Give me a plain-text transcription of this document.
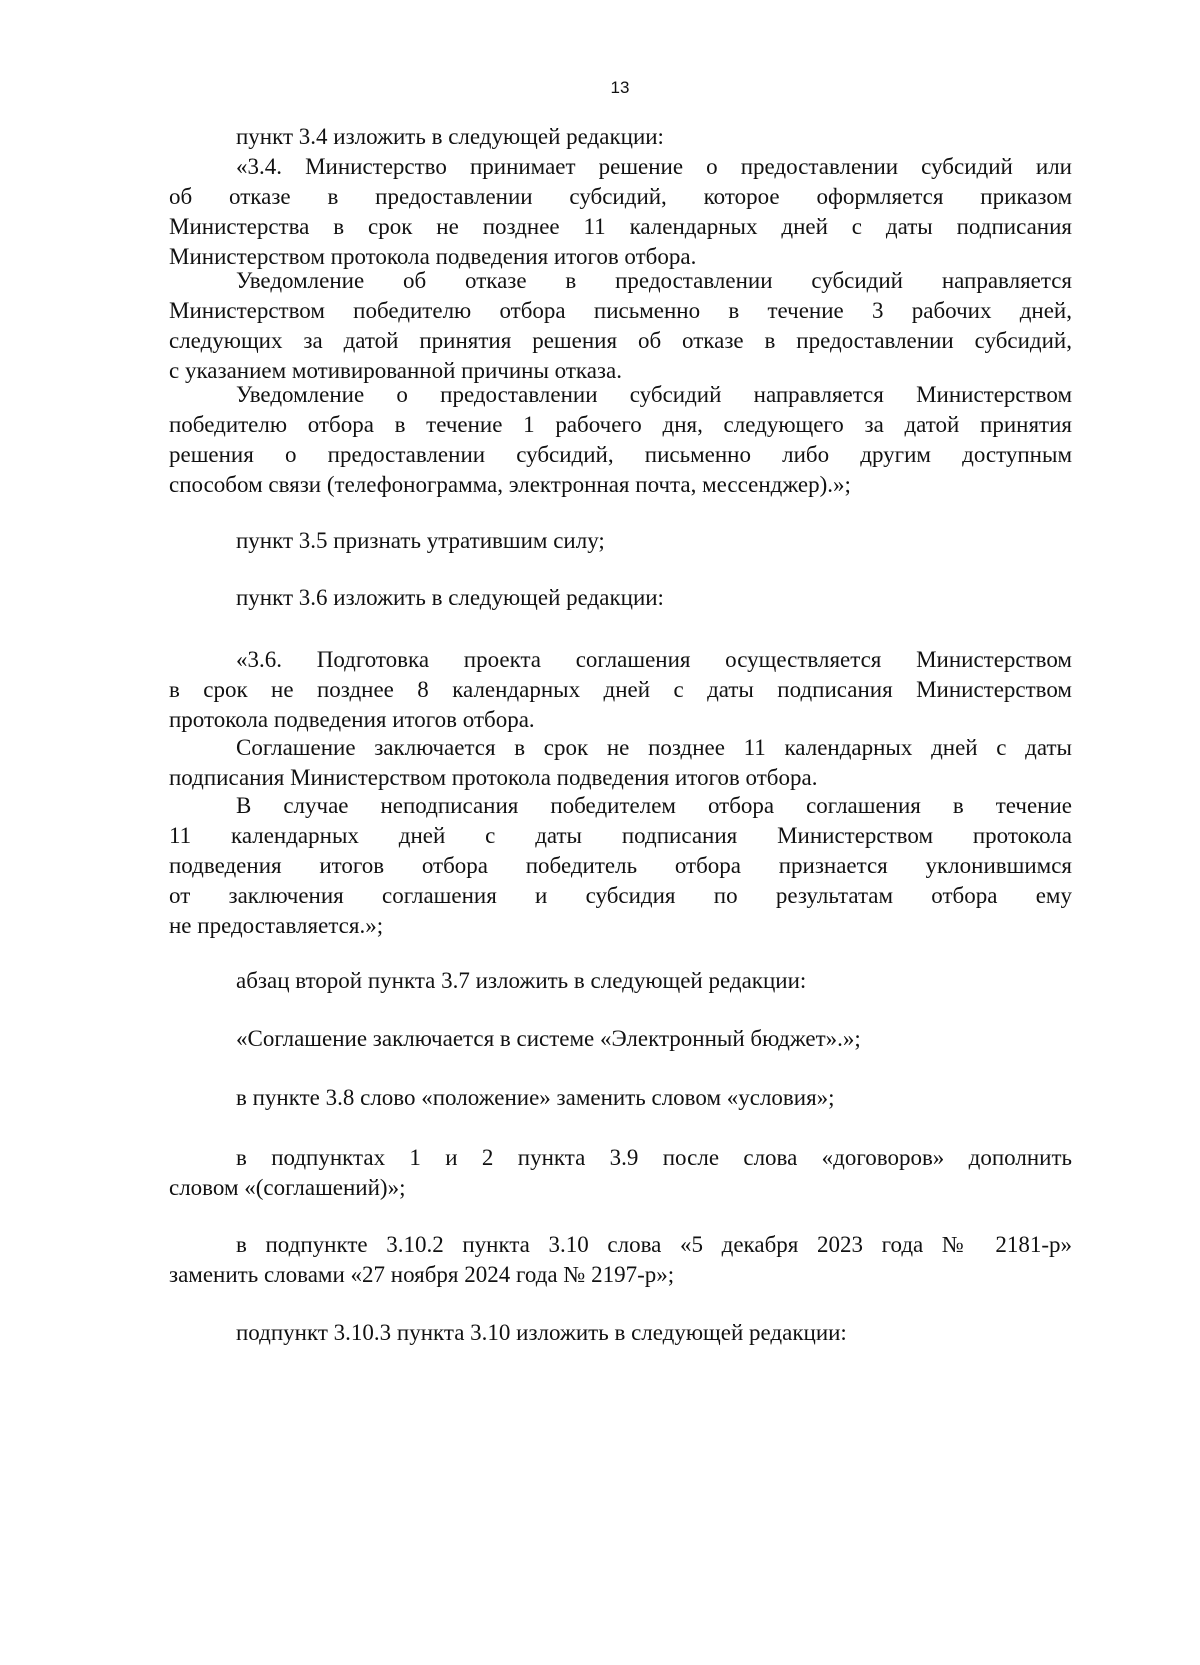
13
пункт 3.4 изложить в следующей редакции:
«3.4. Министерство принимает решение о предоставлении субсидий или
об отказе в предоставлении субсидий, которое оформляется приказом
Министерства в срок не позднее 11 календарных дней с даты подписания
Министерством протокола подведения итогов отбора.
Уведомление об отказе в предоставлении субсидий направляется
Министерством победителю отбора письменно в течение 3 рабочих дней,
следующих за датой принятия решения об отказе в предоставлении субсидий,
с указанием мотивированной причины отказа.
Уведомление о предоставлении субсидий направляется Министерством
победителю отбора в течение 1 рабочего дня, следующего за датой принятия
решения о предоставлении субсидий, письменно либо другим доступным
способом связи (телефонограмма, электронная почта, мессенджер).»;
пункт 3.5 признать утратившим силу;
пункт 3.6 изложить в следующей редакции:
«3.6. Подготовка проекта соглашения осуществляется Министерством
в срок не позднее 8 календарных дней с даты подписания Министерством
протокола подведения итогов отбора.
Соглашение заключается в срок не позднее 11 календарных дней с даты
подписания Министерством протокола подведения итогов отбора.
В случае неподписания победителем отбора соглашения в течение
11 календарных дней с даты подписания Министерством протокола
подведения итогов отбора победитель отбора признается уклонившимся
от заключения соглашения и субсидия по результатам отбора ему
не предоставляется.»;
абзац второй пункта 3.7 изложить в следующей редакции:
«Соглашение заключается в системе «Электронный бюджет».»;
в пункте 3.8 слово «положение» заменить словом «условия»;
в подпунктах 1 и 2 пункта 3.9 после слова «договоров» дополнить
словом «(соглашений)»;
в подпункте 3.10.2 пункта 3.10 слова «5 декабря 2023 года № 2181-р»
заменить словами «27 ноября 2024 года № 2197-р»;
подпункт 3.10.3 пункта 3.10 изложить в следующей редакции:
